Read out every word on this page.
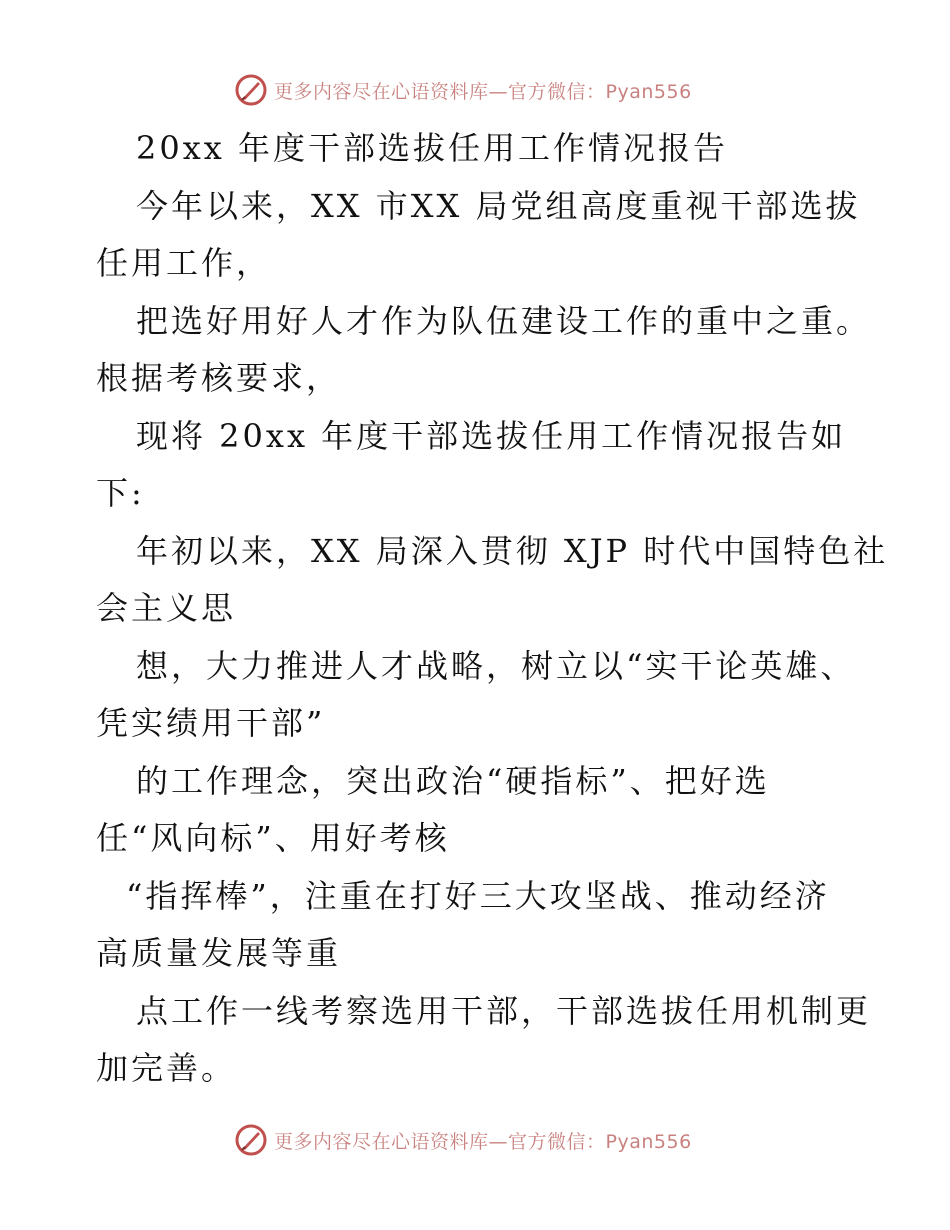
更多内容尽在心语资料库—官方微信：Pyan556
20xx 年度干部选拔任用工作情况报告
今年以来，XX 市XX 局党组高度重视干部选拔
任用工作，
把选好用好人才作为队伍建设工作的重中之重。
根据考核要求，
现将 20xx 年度干部选拔任用工作情况报告如
下:
年初以来，XX 局深入贯彻 XJP 时代中国特色社
会主义思
想，大力推进人才战略，树立以“实干论英雄、
凭实绩用干部”
的工作理念，突出政治“硬指标”、把好选
任“风向标”、用好考核
“指挥棒”，注重在打好三大攻坚战、推动经济
高质量发展等重
点工作一线考察选用干部，干部选拔任用机制更
加完善。
更多内容尽在心语资料库—官方微信：Pyan556
